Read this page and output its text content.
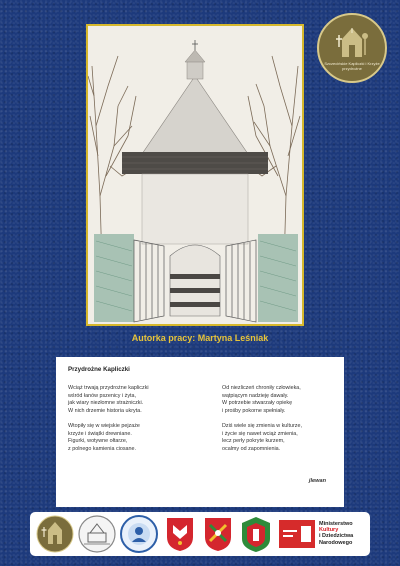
Szczecińskie Kapliczki i Krzyże przydrożne
Autorka pracy: Martyna Leśniak
Przydrożne Kapliczki
Wciąż trwają przydrożne kapliczki
wśród łanów pszenicy i żyta,
jak wiary niezłomne strażniczki.
W nich drzemie historia ukryta.
Wtopiły się w wiejskie pejzaże
krzyże i świątki drewniane.
Figurki, wotywne ołtarze,
z polnego kamienia ciosane.
Od niezliczeń chroniły człowieka,
wątpiącym nadzieję dawały.
W potrzebie stwarzały opiekę
i prośby pokorne spełniały.
Dziś wiele się zmienia w kulturze,
i życie się nawet wciąż zmienia,
lecz perły pokryte kurzem,
ocalmy od zapomnienia.
jlewan
Ministerstwo
Kultury
i Dziedzictwa
Narodowego
